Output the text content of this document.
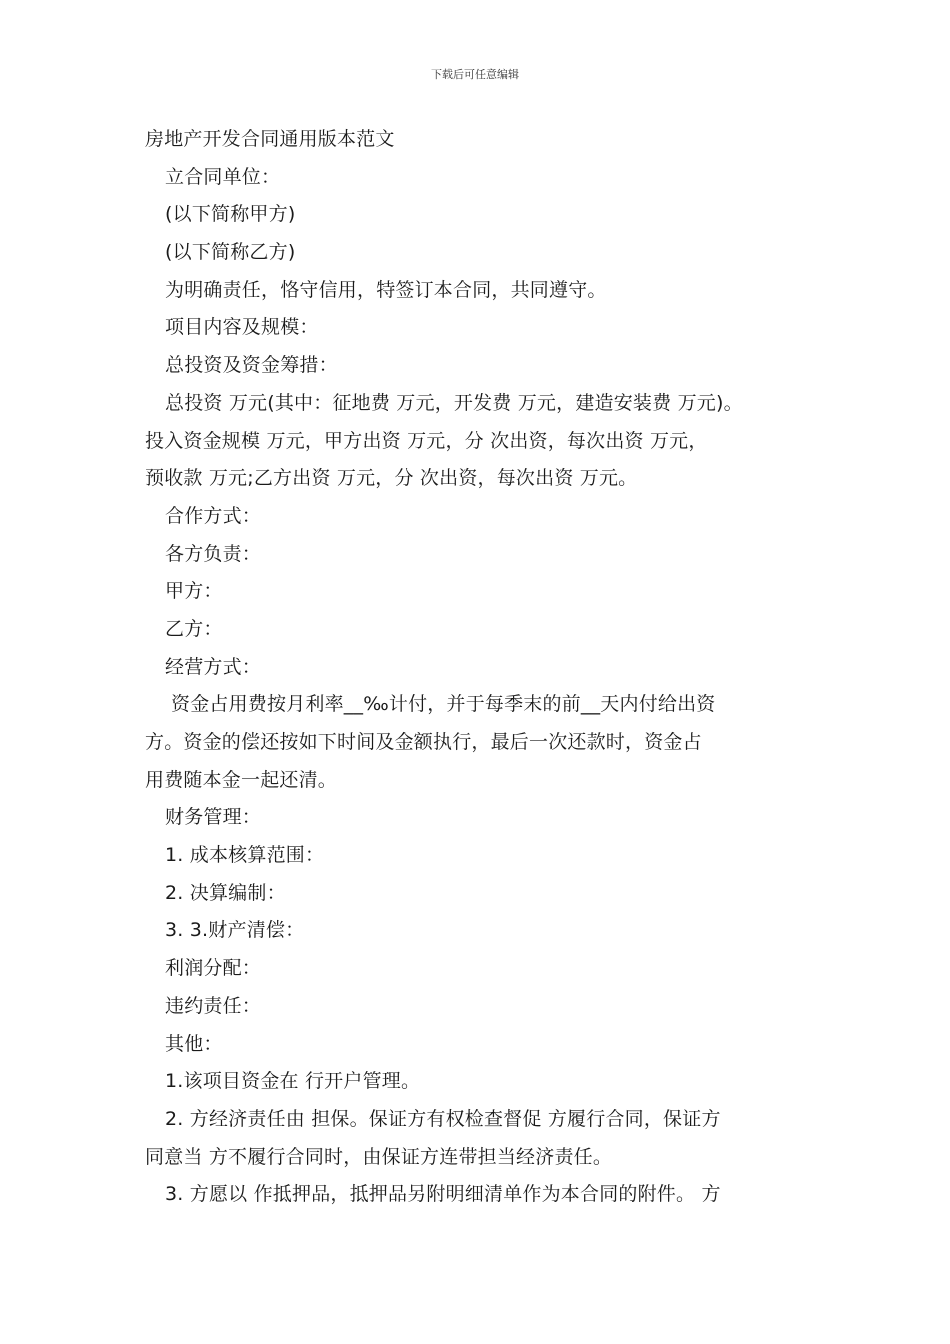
下载后可任意编辑
房地产开发合同通用版本范文
立合同单位：
(以下简称甲方)
(以下简称乙方)
为明确责任，恪守信用，特签订本合同，共同遵守。
项目内容及规模：
总投资及资金筹措：
总投资 万元(其中：征地费 万元，开发费 万元，建造安装费 万元)。
投入资金规模 万元，甲方出资 万元，分 次出资，每次出资 万元，
预收款 万元;乙方出资 万元，分 次出资，每次出资 万元。
合作方式：
各方负责：
甲方：
乙方：
经营方式：
资金占用费按月利率__‰计付，并于每季末的前__天内付给出资
方。资金的偿还按如下时间及金额执行，最后一次还款时，资金占
用费随本金一起还清。
财务管理：
1. 成本核算范围：
2. 决算编制：
3. 3.财产清偿：
利润分配：
违约责任：
其他：
1.该项目资金在 行开户管理。
2. 方经济责任由 担保。保证方有权检查督促 方履行合同，保证方
同意当 方不履行合同时，由保证方连带担当经济责任。
3. 方愿以 作抵押品，抵押品另附明细清单作为本合同的附件。 方
